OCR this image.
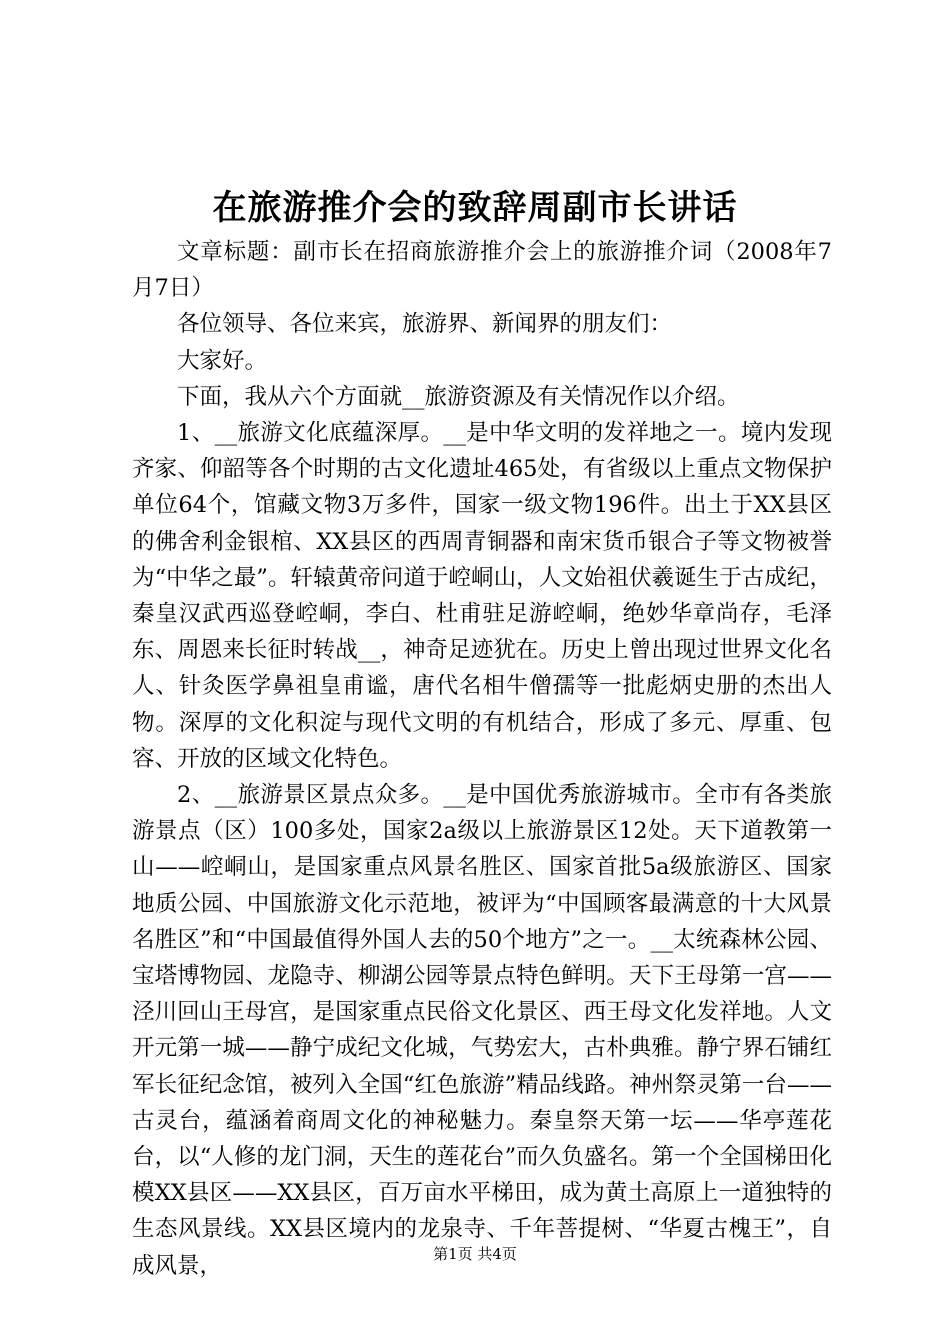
在旅游推介会的致辞周副市长讲话

文章标题：副市长在招商旅游推介会上的旅游推介词（2008年7月7日）

各位领导、各位来宾，旅游界、新闻界的朋友们：

大家好。

下面，我从六个方面就__旅游资源及有关情况作以介绍。

1、__旅游文化底蕴深厚。__是中华文明的发祥地之一。境内发现齐家、仰韶等各个时期的古文化遗址465处，有省级以上重点文物保护单位64个，馆藏文物3万多件，国家一级文物196件。出土于XX县区的佛舍利金银棺、XX县区的西周青铜器和南宋货币银合子等文物被誉为“中华之最”。轩辕黄帝问道于崆峒山，人文始祖伏羲诞生于古成纪，秦皇汉武西巡登崆峒，李白、杜甫驻足游崆峒，绝妙华章尚存，毛泽东、周恩来长征时转战__，神奇足迹犹在。历史上曾出现过世界文化名人、针灸医学鼻祖皇甫谧，唐代名相牛僧孺等一批彪炳史册的杰出人物。深厚的文化积淀与现代文明的有机结合，形成了多元、厚重、包容、开放的区域文化特色。

2、__旅游景区景点众多。__是中国优秀旅游城市。全市有各类旅游景点（区）100多处，国家2a级以上旅游景区12处。天下道教第一山——崆峒山，是国家重点风景名胜区、国家首批5a级旅游区、国家地质公园、中国旅游文化示范地，被评为“中国顾客最满意的十大风景名胜区”和“中国最值得外国人去的50个地方”之一。__太统森林公园、宝塔博物园、龙隐寺、柳湖公园等景点特色鲜明。天下王母第一宫——泾川回山王母宫，是国家重点民俗文化景区、西王母文化发祥地。人文开元第一城——静宁成纪文化城，气势宏大，古朴典雅。静宁界石铺红军长征纪念馆，被列入全国“红色旅游”精品线路。神州祭灵第一台——古灵台，蕴涵着商周文化的神秘魅力。秦皇祭天第一坛——华亭莲花台，以“人修的龙门洞，天生的莲花台”而久负盛名。第一个全国梯田化模XX县区——XX县区，百万亩水平梯田，成为黄土高原上一道独特的生态风景线。XX县区境内的龙泉寺、千年菩提树、“华夏古槐王”，自成风景，	第1页 共4页
